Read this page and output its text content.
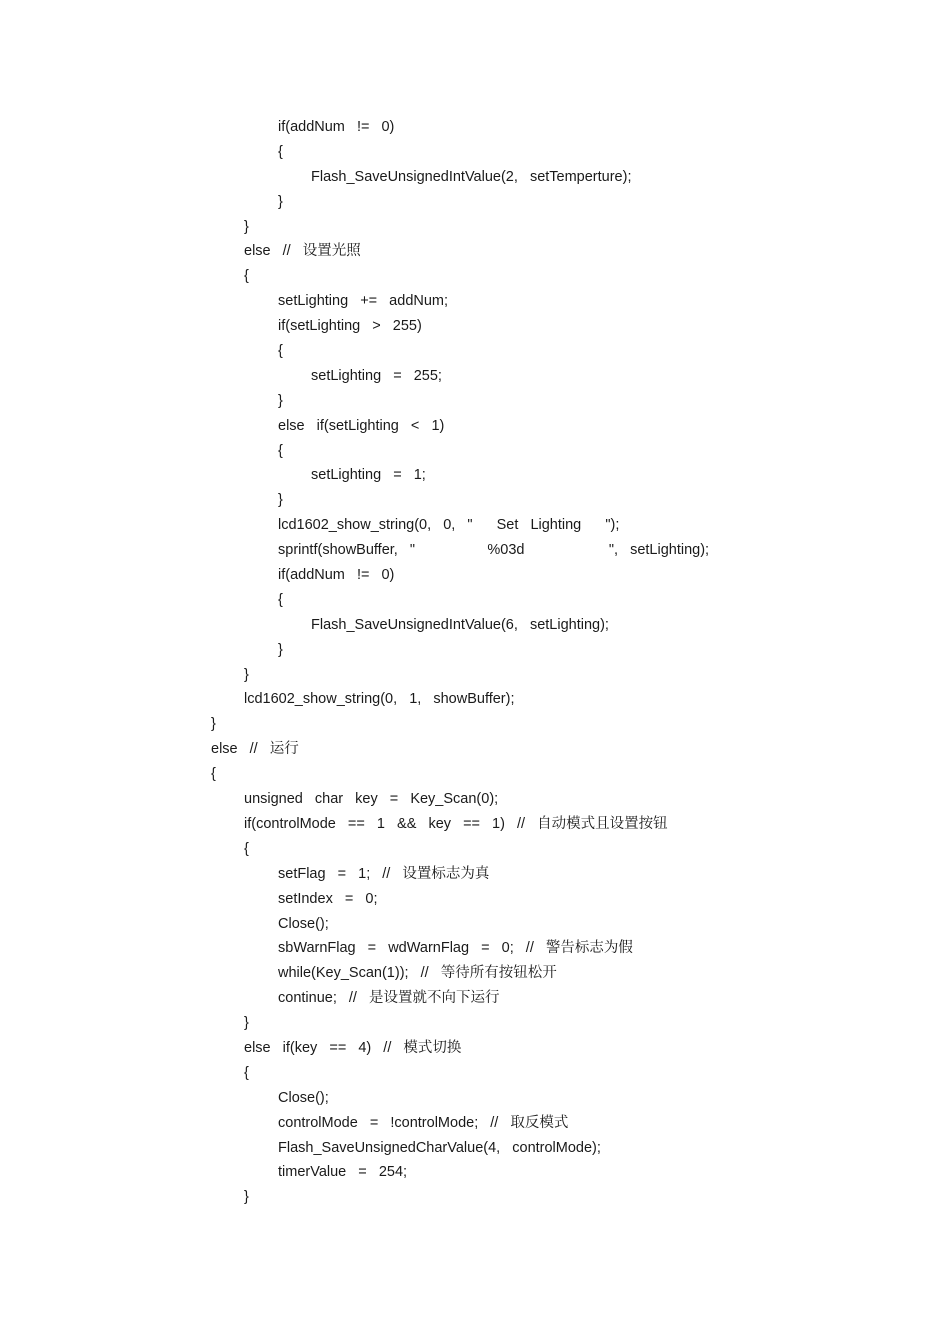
if(addNum  !=  0)
{
Flash_SaveUnsignedIntValue(2,  setTemperture);
}
}
else  //  设置光照
{
setLighting  +=  addNum;
if(setLighting  >  255)
{
setLighting  =  255;
}
else  if(setLighting  <  1)
{
setLighting  =  1;
}
lcd1602_show_string(0,  0,  "    Set  Lighting    ");
sprintf(showBuffer,  "            %03d              ",  setLighting);
if(addNum  !=  0)
{
Flash_SaveUnsignedIntValue(6,  setLighting);
}
}
lcd1602_show_string(0,  1,  showBuffer);
}
else  //  运行
{
unsigned  char  key  =  Key_Scan(0);
if(controlMode  ==  1  &&  key  ==  1)  //  自动模式且设置按钮
{
setFlag  =  1;  //  设置标志为真
setIndex  =  0;
Close();
sbWarnFlag  =  wdWarnFlag  =  0;  //  警告标志为假
while(Key_Scan(1));  //  等待所有按钮松开
continue;  //  是设置就不向下运行
}
else  if(key  ==  4)  //  模式切换
{
Close();
controlMode  =  !controlMode;  //  取反模式
Flash_SaveUnsignedCharValue(4,  controlMode);
timerValue  =  254;
}
